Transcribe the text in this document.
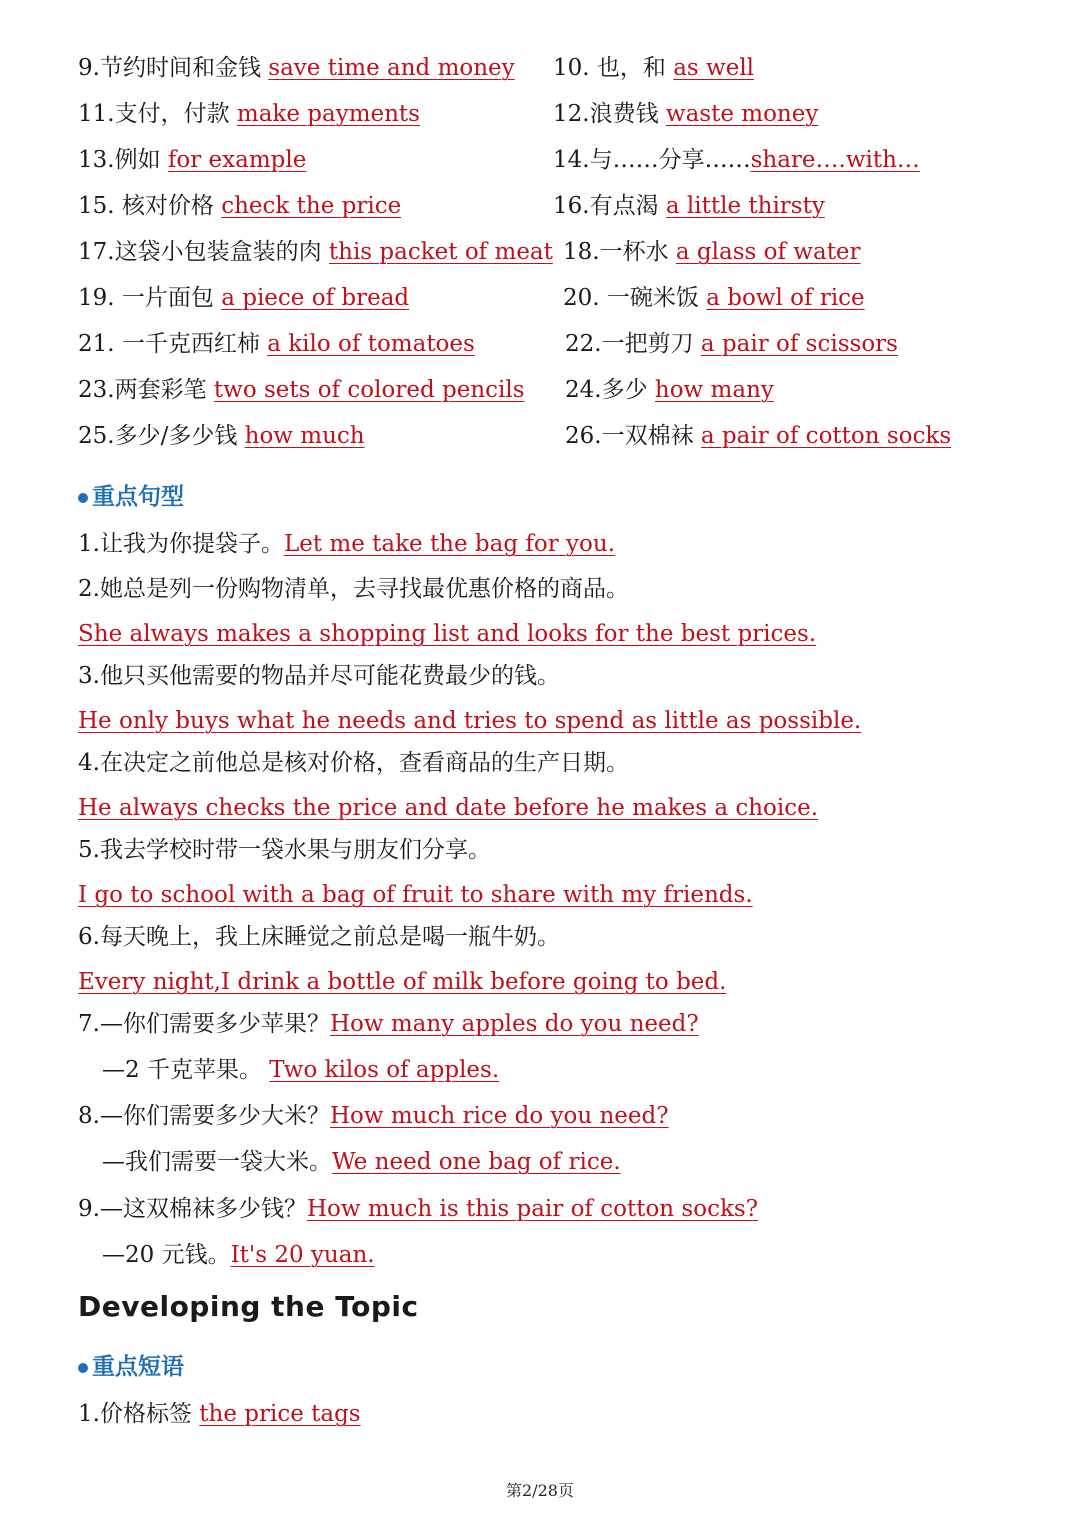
9.节约时间和金钱 save time and money 10. 也，和 as well
11.支付，付款 make payments	12.浪费钱 waste money
13.例如 for example	14.与……分享……share….with…
15. 核对价格 check the price	16.有点渴 a little thirsty
17.这袋小包装盒装的肉 this packet of meat 18.一杯水 a glass of water
19. 一片面包 a piece of bread	20. 一碗米饭 a bowl of rice
21. 一千克西红柿 a kilo of tomatoes	22.一把剪刀 a pair of scissors
23.两套彩笔 two sets of colored pencils 24.多少 how many
25.多少/多少钱 how much	26.一双棉袜 a pair of cotton socks
重点句型
1.让我为你提袋子。Let me take the bag for you.
2.她总是列一份购物清单，去寻找最优惠价格的商品。
She always makes a shopping list and looks for the best prices.
3.他只买他需要的物品并尽可能花费最少的钱。
He only buys what he needs and tries to spend as little as possible.
4.在决定之前他总是核对价格，查看商品的生产日期。
He always checks the price and date before he makes a choice.
5.我去学校时带一袋水果与朋友们分享。
I go to school with a bag of fruit to share with my friends.
6.每天晚上，我上床睡觉之前总是喝一瓶牛奶。
Every night,I drink a bottle of milk before going to bed.
7.—你们需要多少苹果？How many apples do you need?
—2 千克苹果。 Two kilos of apples.
8.—你们需要多少大米？How much rice do you need?
—我们需要一袋大米。We need one bag of rice.
9.—这双棉袜多少钱？How much is this pair of cotton socks?
—20 元钱。It's 20 yuan.
Developing the Topic
重点短语
1.价格标签 the price tags
第2/28页
